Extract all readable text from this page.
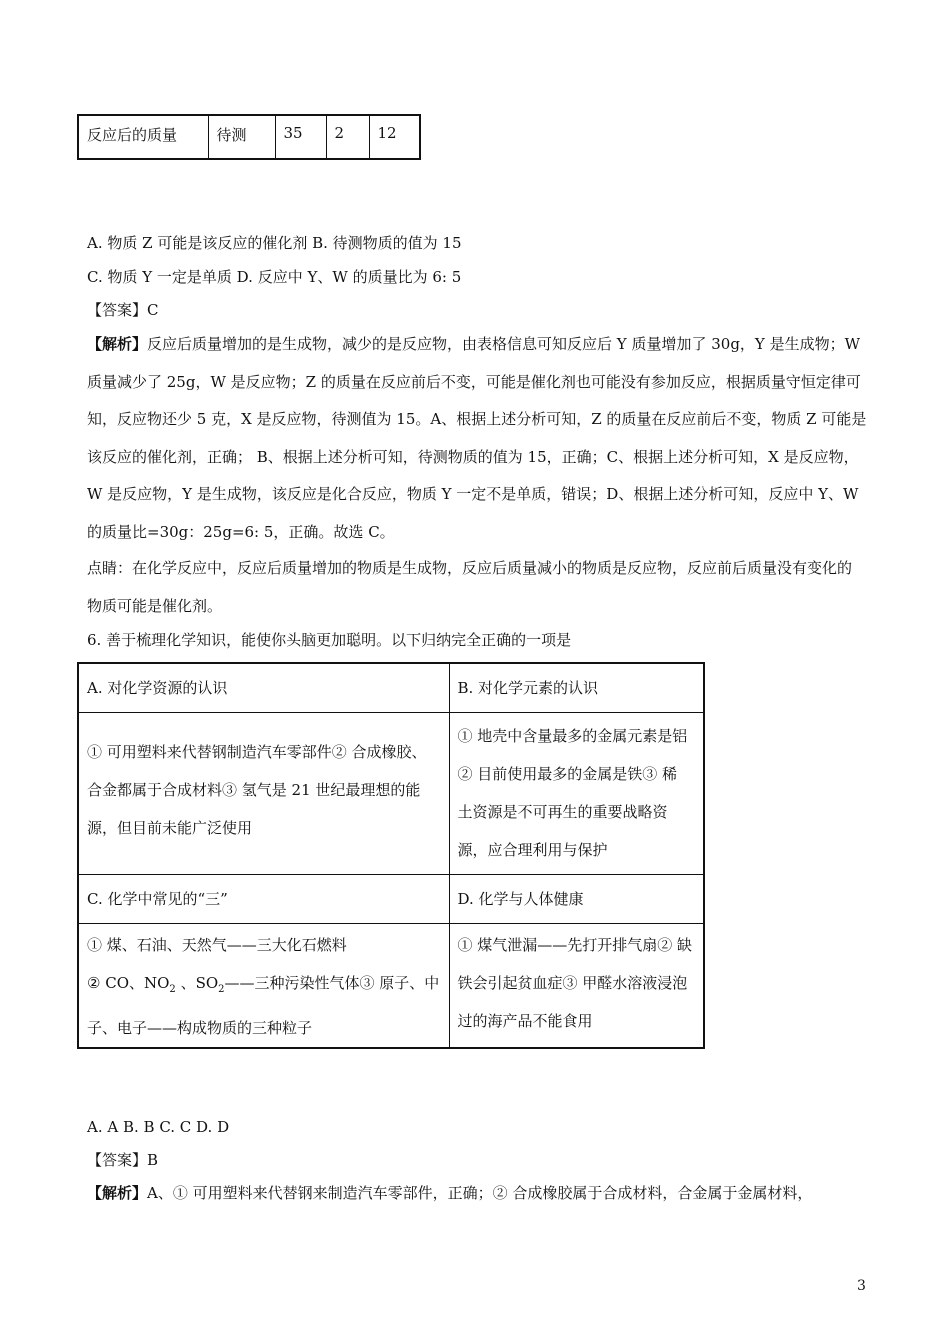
反应后的质量	待测	35	2	12
A. 物质 Z 可能是该反应的催化剂 B. 待测物质的值为 15
C. 物质 Y 一定是单质 D. 反应中 Y、W 的质量比为 6: 5
【答案】C
【解析】反应后质量增加的是生成物，减少的是反应物，由表格信息可知反应后 Y 质量增加了 30g，Y 是生成物；W 质量减少了 25g，W 是反应物；Z 的质量在反应前后不变，可能是催化剂也可能没有参加反应，根据质量守恒定律可知，反应物还少 5 克，X 是反应物，待测值为 15。A、根据上述分析可知，Z 的质量在反应前后不变，物质 Z 可能是该反应的催化剂，正确； B、根据上述分析可知，待测物质的值为 15，正确；C、根据上述分析可知，X 是反应物，W 是反应物，Y 是生成物，该反应是化合反应，物质 Y 一定不是单质，错误；D、根据上述分析可知，反应中 Y、W 的质量比=30g：25g=6: 5，正确。故选 C。
点睛：在化学反应中，反应后质量增加的物质是生成物，反应后质量减小的物质是反应物，反应前后质量没有变化的物质可能是催化剂。
6. 善于梳理化学知识，能使你头脑更加聪明。以下归纳完全正确的一项是
A. 对化学资源的认识	B. 对化学元素的认识
① 可用塑料来代替钢制造汽车零部件② 合成橡胶、合金都属于合成材料③ 氢气是 21 世纪最理想的能源，但目前未能广泛使用	① 地壳中含量最多的金属元素是铝② 目前使用最多的金属是铁③ 稀 土资源是不可再生的重要战略资源，应合理利用与保护
C. 化学中常见的“三”	D. 化学与人体健康

① 煤、石油、天然气——三大化石燃料
② CO、$NO_2$ 、$SO_2——$三种污染性气体③ 原子、中
子、电子——构成物质的三种粒子	① 煤气泄漏——先打开排气扇② 缺铁会引起贫血症③ 甲醛水溶液浸泡过的海产品不能食用
A. A B. B C. C D. D
【答案】B
【解析】A、① 可用塑料来代替钢来制造汽车零部件，正确；② 合成橡胶属于合成材料，合金属于金属材料，
3
